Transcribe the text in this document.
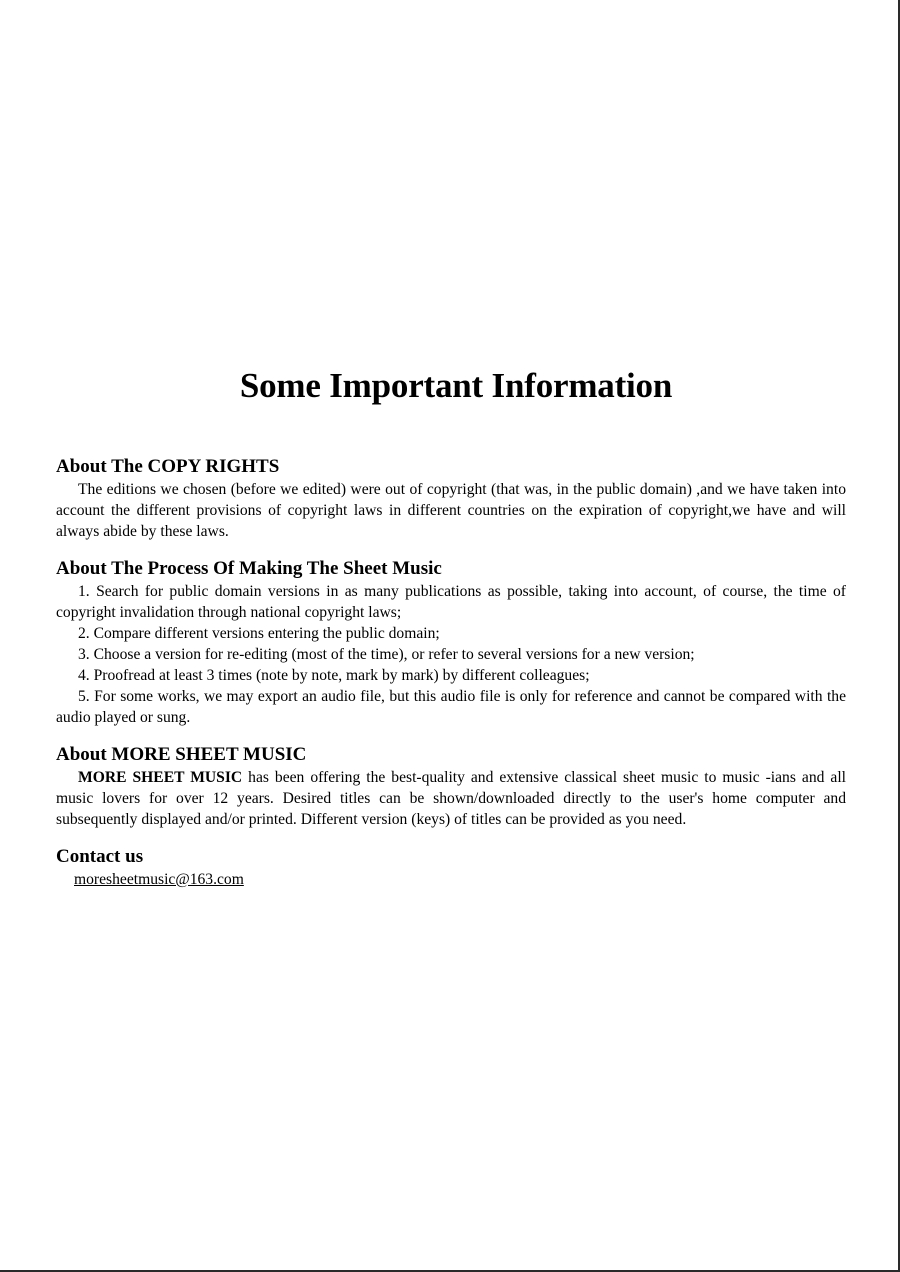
Some Important Information
About The COPY RIGHTS

The editions we chosen (before we edited) were out of copyright (that was, in the public domain) ,and we have taken into account the different provisions of copyright laws in different countries on the expiration of copyright,we have and will always abide by these laws.

About The Process Of Making The Sheet Music

1. Search for public domain versions in as many publications as possible, taking into account, of course, the time of copyright invalidation through national copyright laws;

2. Compare different versions entering the public domain;

3. Choose a version for re-editing (most of the time), or refer to several versions for a new version;

4. Proofread at least 3 times (note by note, mark by mark) by different colleagues;

5. For some works, we may export an audio file, but this audio file is only for reference and cannot be compared with the audio played or sung.

About MORE SHEET MUSIC

MORE SHEET MUSIC has been offering the best-quality and extensive classical sheet music to music -ians and all music lovers for over 12 years. Desired titles can be shown/downloaded directly to the user's home computer and subsequently displayed and/or printed. Different version (keys) of titles can be provided as you need.

Contact us
moresheetmusic@163.com
